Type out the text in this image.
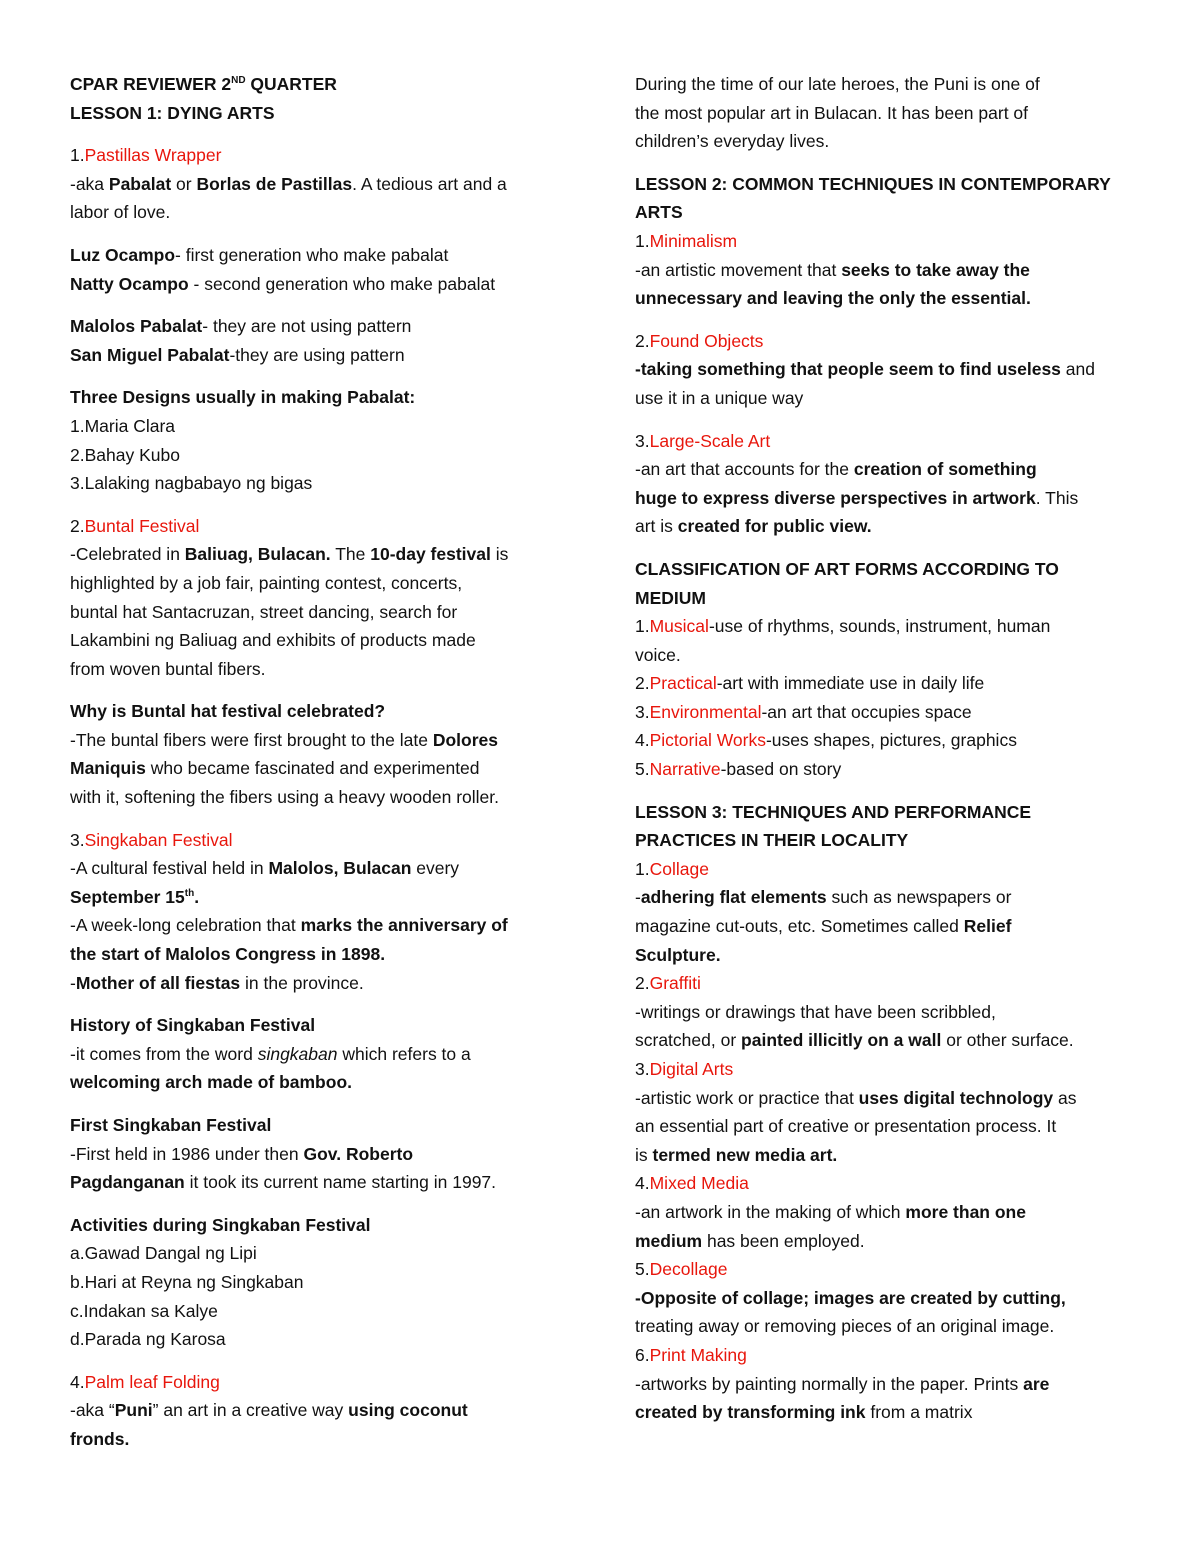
CPAR REVIEWER 2ND QUARTER
LESSON 1: DYING ARTS
1.Pastillas Wrapper
-aka Pabalat or Borlas de Pastillas. A tedious art and a
labor of love.
Luz Ocampo- first generation who make pabalat
Natty Ocampo - second generation who make pabalat
Malolos Pabalat- they are not using pattern
San Miguel Pabalat-they are using pattern
Three Designs usually in making Pabalat:
1.Maria Clara
2.Bahay Kubo
3.Lalaking nagbabayo ng bigas
2.Buntal Festival
-Celebrated in Baliuag, Bulacan. The 10-day festival is
highlighted by a job fair, painting contest, concerts,
buntal hat Santacruzan, street dancing, search for
Lakambini ng Baliuag and exhibits of products made
from woven buntal fibers.
Why is Buntal hat festival celebrated?
-The buntal fibers were first brought to the late Dolores
Maniquis who became fascinated and experimented
with it, softening the fibers using a heavy wooden roller.
3.Singkaban Festival
-A cultural festival held in Malolos, Bulacan every
September 15th.
-A week-long celebration that marks the anniversary of
the start of Malolos Congress in 1898.
-Mother of all fiestas in the province.
History of Singkaban Festival
-it comes from the word singkaban which refers to a
welcoming arch made of bamboo.
First Singkaban Festival
-First held in 1986 under then Gov. Roberto
Pagdanganan it took its current name starting in 1997.
Activities during Singkaban Festival
a.Gawad Dangal ng Lipi
b.Hari at Reyna ng Singkaban
c.Indakan sa Kalye
d.Parada ng Karosa
4.Palm leaf Folding
-aka “Puni” an art in a creative way using coconut
fronds.
During the time of our late heroes, the Puni is one of
the most popular art in Bulacan. It has been part of
children’s everyday lives.
LESSON 2: COMMON TECHNIQUES IN CONTEMPORARY
ARTS
1.Minimalism
-an artistic movement that seeks to take away the
unnecessary and leaving the only the essential.
2.Found Objects
-taking something that people seem to find useless and
use it in a unique way
3.Large-Scale Art
-an art that accounts for the creation of something
huge to express diverse perspectives in artwork. This
art is created for public view.
CLASSIFICATION OF ART FORMS ACCORDING TO
MEDIUM
1.Musical-use of rhythms, sounds, instrument, human
voice.
2.Practical-art with immediate use in daily life
3.Environmental-an art that occupies space
4.Pictorial Works-uses shapes, pictures, graphics
5.Narrative-based on story
LESSON 3: TECHNIQUES AND PERFORMANCE
PRACTICES IN THEIR LOCALITY
1.Collage
-adhering flat elements such as newspapers or
magazine cut-outs, etc. Sometimes called Relief
Sculpture.
2.Graffiti
-writings or drawings that have been scribbled,
scratched, or painted illicitly on a wall or other surface.
3.Digital Arts
-artistic work or practice that uses digital technology as
an essential part of creative or presentation process. It
is termed new media art.
4.Mixed Media
-an artwork in the making of which more than one
medium has been employed.
5.Decollage
-Opposite of collage; images are created by cutting,
treating away or removing pieces of an original image.
6.Print Making
-artworks by painting normally in the paper. Prints are
created by transforming ink from a matrix
